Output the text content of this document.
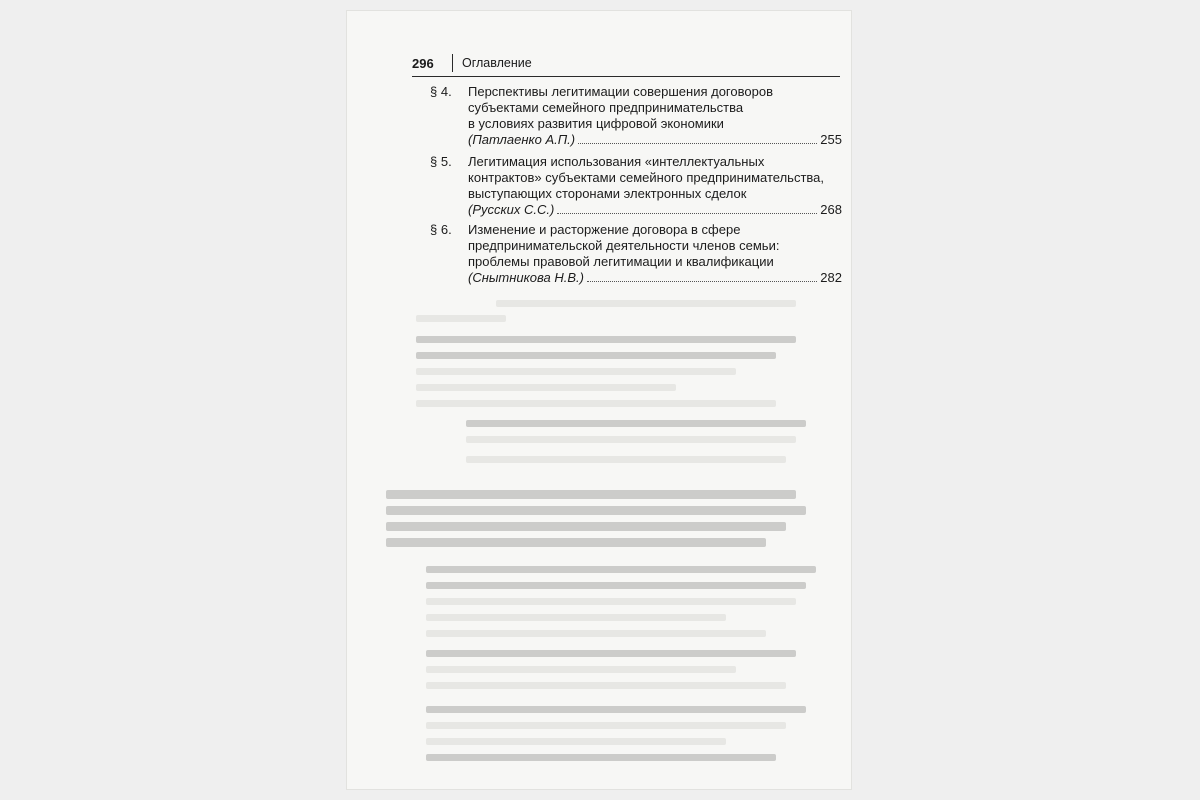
296 Оглавление
§ 4.	Перспективы легитимации совершения договоров
субъектами семейного предпринимательства
в условиях развития цифровой экономики
(Патлаенко А.П.)	255
§ 5.	Легитимация использования «интеллектуальных
контрактов» субъектами семейного предпринимательства,
выступающих сторонами электронных сделок
(Русских С.С.)	268
§ 6.	Изменение и расторжение договора в сфере
предпринимательской деятельности членов семьи:
проблемы правовой легитимации и квалификации
(Снытникова Н.В.)	282
